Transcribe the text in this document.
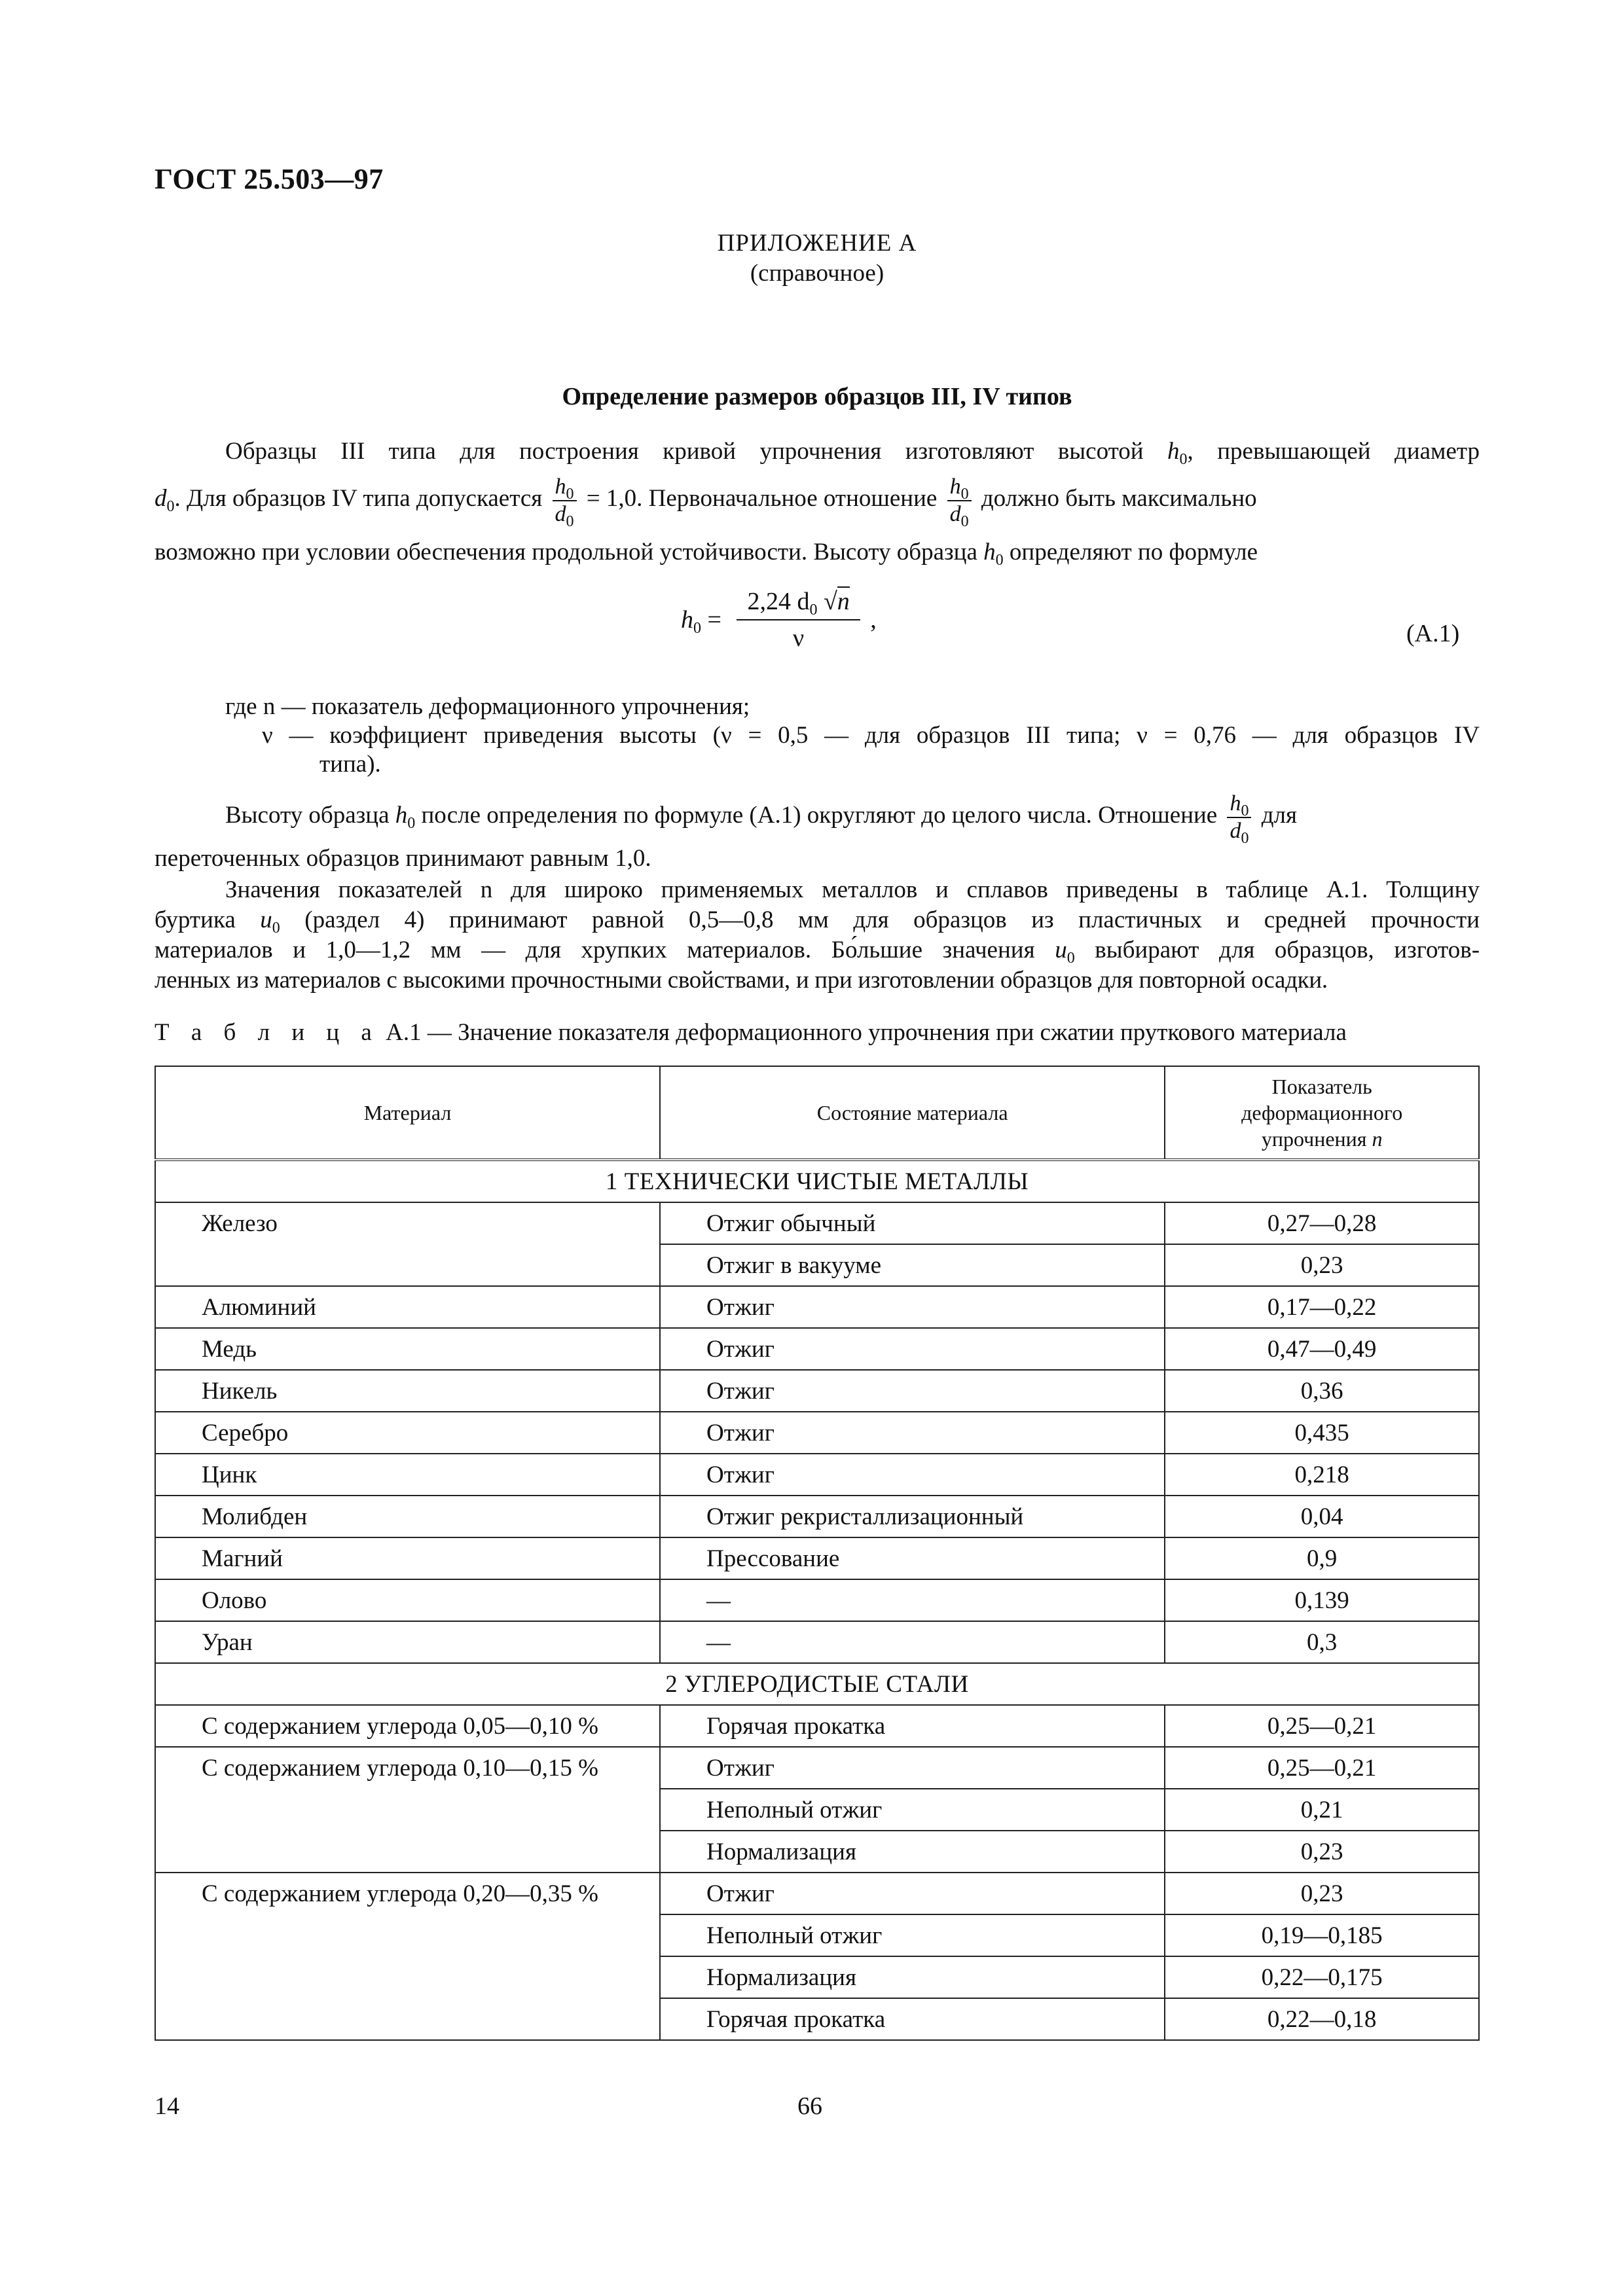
ГОСТ 25.503—97
ПРИЛОЖЕНИЕ А
(справочное)
Определение размеров образцов III, IV типов
Образцы III типа для построения кривой упрочнения изготовляют высотой $h_0$, превышающей диаметр
$d_0$. Для образцов IV типа допускается $\frac{h_0}{d_0} = 1,0$. Первоначальное отношение $\frac{h_0}{d_0}$ должно быть максимально
возможно при условии обеспечения продольной устойчивости. Высоту образца $h_0$ определяют по формуле
$h_0 = \frac{2,24 d_0 √n}{\nu}$ ,	(А.1)
где n — показатель деформационного упрочнения;
ν — коэффициент приведения высоты (ν = 0,5 — для образцов III типа; ν = 0,76 — для образцов IV
типа).
Высоту образца $h_0$ после определения по формуле (А.1) округляют до целого числа. Отношение $\frac{h_0}{d_0}$ для
переточенных образцов принимают равным 1,0.
Значения показателей n для широко применяемых металлов и сплавов приведены в таблице А.1. Толщину
буртика $u_0$ (раздел 4) принимают равной 0,5—0,8 мм для образцов из пластичных и средней прочности
материалов и 1,0—1,2 мм — для хрупких материалов. Бо́льшие значения $u_0$ выбирают для образцов, изготов-
ленных из материалов с высокими прочностными свойствами, и при изготовлении образцов для повторной осадки.
Т а б л и ц а А.1 — Значение показателя деформационного упрочнения при сжатии пруткового материала
Материал	Состояние материала	Показатель деформационного упрочнения n

1 ТЕХНИЧЕСКИ ЧИСТЫЕ МЕТАЛЛЫ		
Железо	Отжиг обычный	0,27—0,28
	Отжиг в вакууме	0,23
Алюминий	Отжиг	0,17—0,22
Медь	Отжиг	0,47—0,49
Никель	Отжиг	0,36
Серебро	Отжиг	0,435
Цинк	Отжиг	0,218
Молибден	Отжиг рекристаллизационный	0,04
Магний	Прессование	0,9
Олово	—	0,139
Уран	—	0,3
2 УГЛЕРОДИСТЫЕ СТАЛИ		
С содержанием углерода 0,05—0,10 %	Горячая прокатка	0,25—0,21
С содержанием углерода 0,10—0,15 %	Отжиг	0,25—0,21
	Неполный отжиг	0,21
	Нормализация	0,23
С содержанием углерода 0,20—0,35 %	Отжиг	0,23
	Неполный отжиг	0,19—0,185
	Нормализация	0,22—0,175
	Горячая прокатка	0,22—0,18
14	66
